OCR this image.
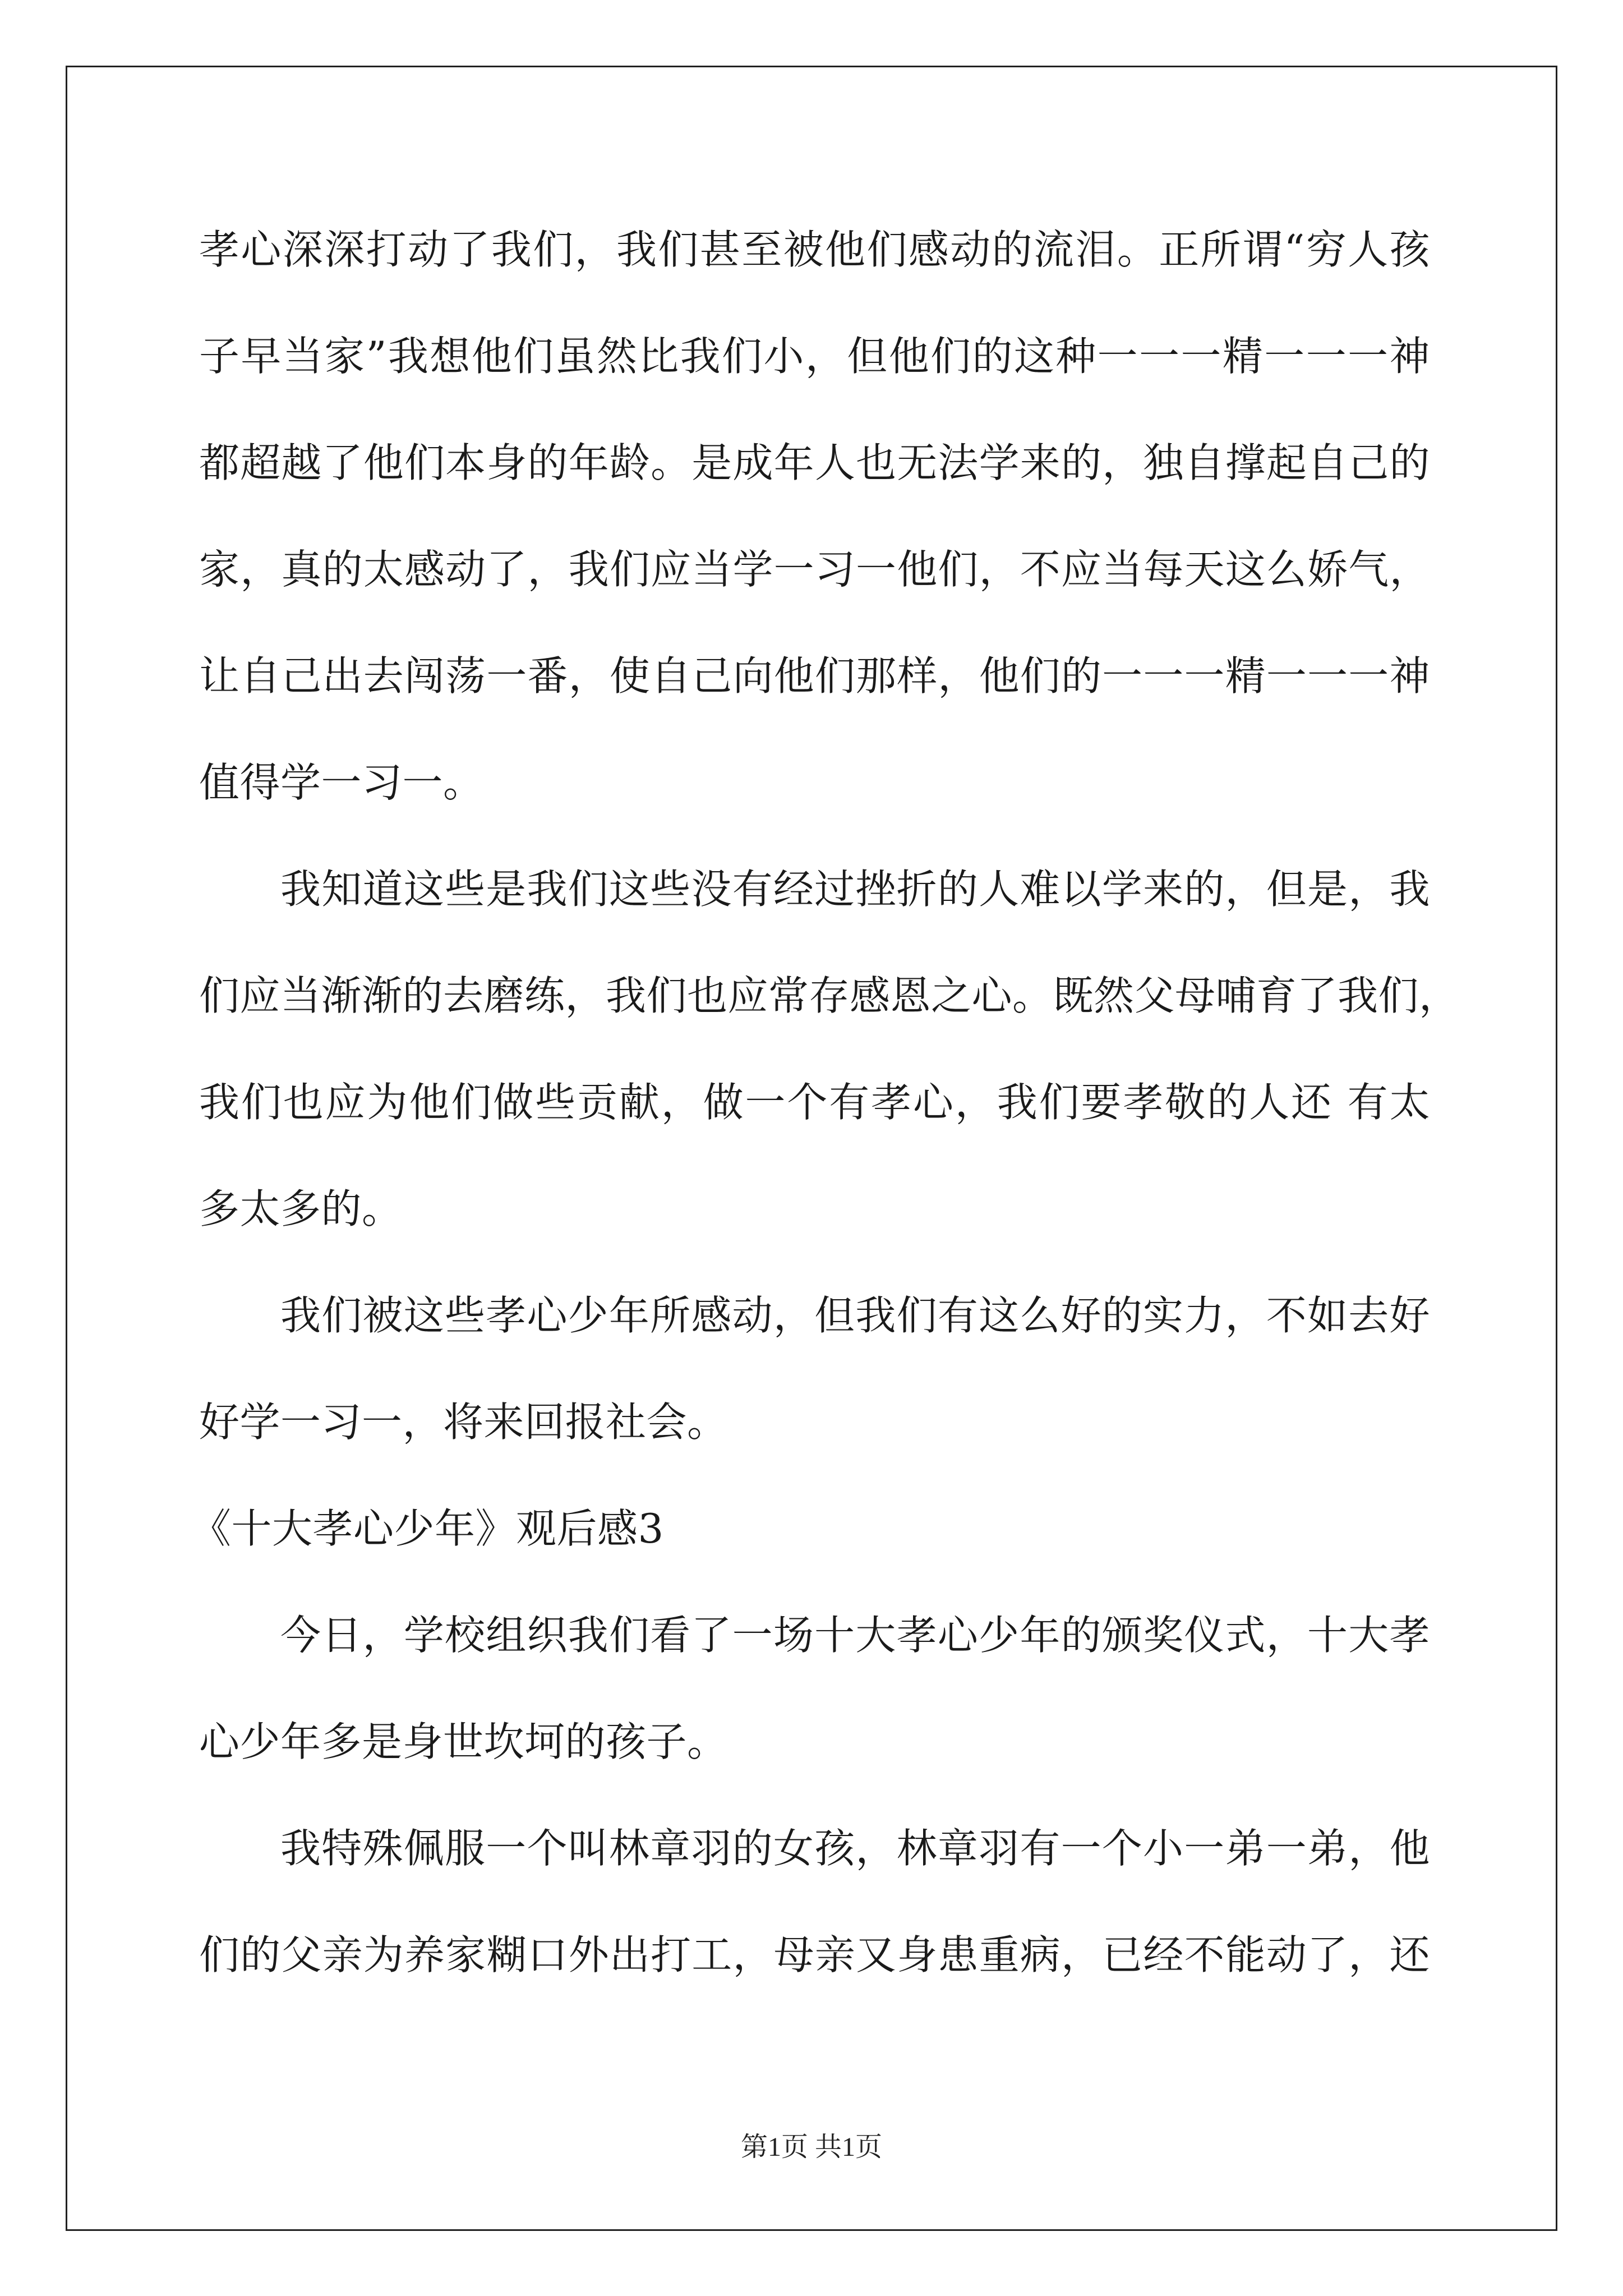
孝心深深打动了我们，我们甚至被他们感动的流泪。正所谓“穷人孩
子早当家”我想他们虽然比我们小，但他们的这种一一一精一一一神
都超越了他们本身的年龄。是成年人也无法学来的，独自撑起自己的
家，真的太感动了，我们应当学一习一他们，不应当每天这么娇气，
让自己出去闯荡一番，使自己向他们那样，他们的一一一精一一一神
值得学一习一。
我知道这些是我们这些没有经过挫折的人难以学来的，但是，我
们应当渐渐的去磨练，我们也应常存感恩之心。既然父母哺育了我们，
我们也应为他们做些贡献，做一个有孝心，我们要孝敬的人还 有太
多太多的。
我们被这些孝心少年所感动，但我们有这么好的实力，不如去好
好学一习一，将来回报社会。
《十大孝心少年》观后感3
今日，学校组织我们看了一场十大孝心少年的颁奖仪式，十大孝
心少年多是身世坎坷的孩子。
我特殊佩服一个叫林章羽的女孩，林章羽有一个小一弟一弟，他
们的父亲为养家糊口外出打工，母亲又身患重病，已经不能动了，还
第1页 共1页
